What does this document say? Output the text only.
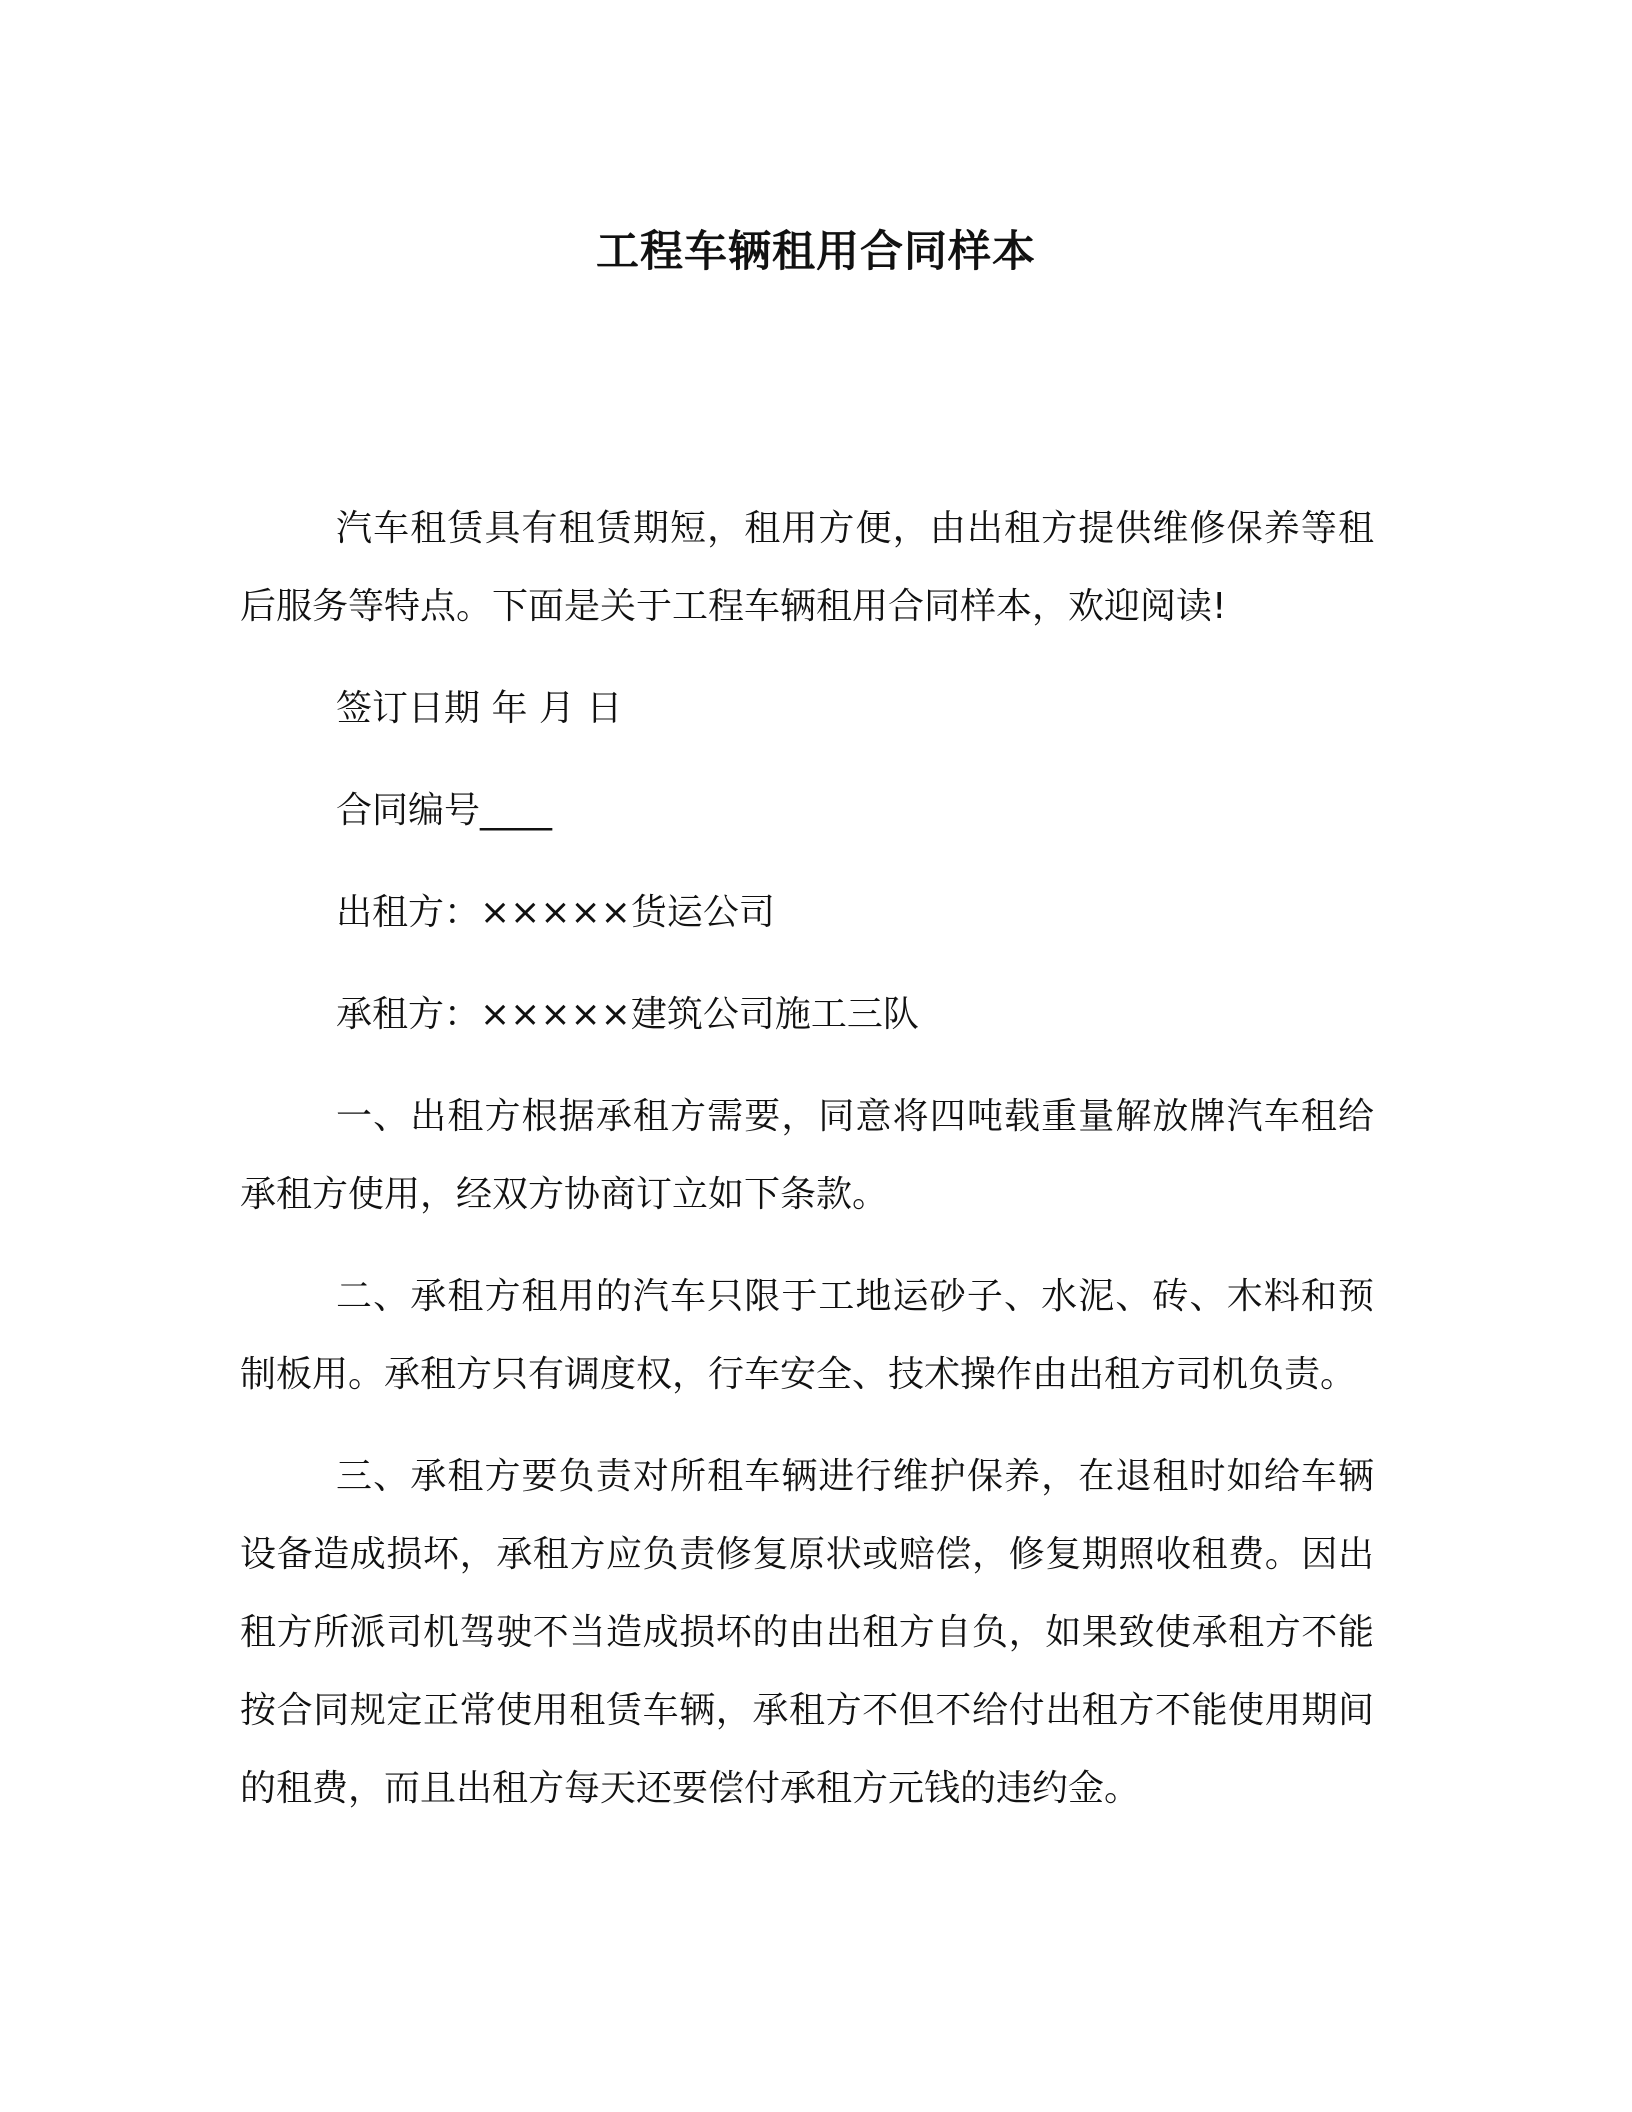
工程车辆租用合同样本

汽车租赁具有租赁期短，租用方便，由出租方提供维修保养等租后服务等特点。下面是关于工程车辆租用合同样本，欢迎阅读!

签订日期 年 月 日

合同编号____

出租方：×××××货运公司

承租方：×××××建筑公司施工三队

一、出租方根据承租方需要，同意将四吨载重量解放牌汽车租给承租方使用，经双方协商订立如下条款。

二、承租方租用的汽车只限于工地运砂子、水泥、砖、木料和预制板用。承租方只有调度权，行车安全、技术操作由出租方司机负责。

三、承租方要负责对所租车辆进行维护保养，在退租时如给车辆设备造成损坏，承租方应负责修复原状或赔偿，修复期照收租费。因出租方所派司机驾驶不当造成损坏的由出租方自负，如果致使承租方不能按合同规定正常使用租赁车辆，承租方不但不给付出租方不能使用期间的租费，而且出租方每天还要偿付承租方元钱的违约金。
